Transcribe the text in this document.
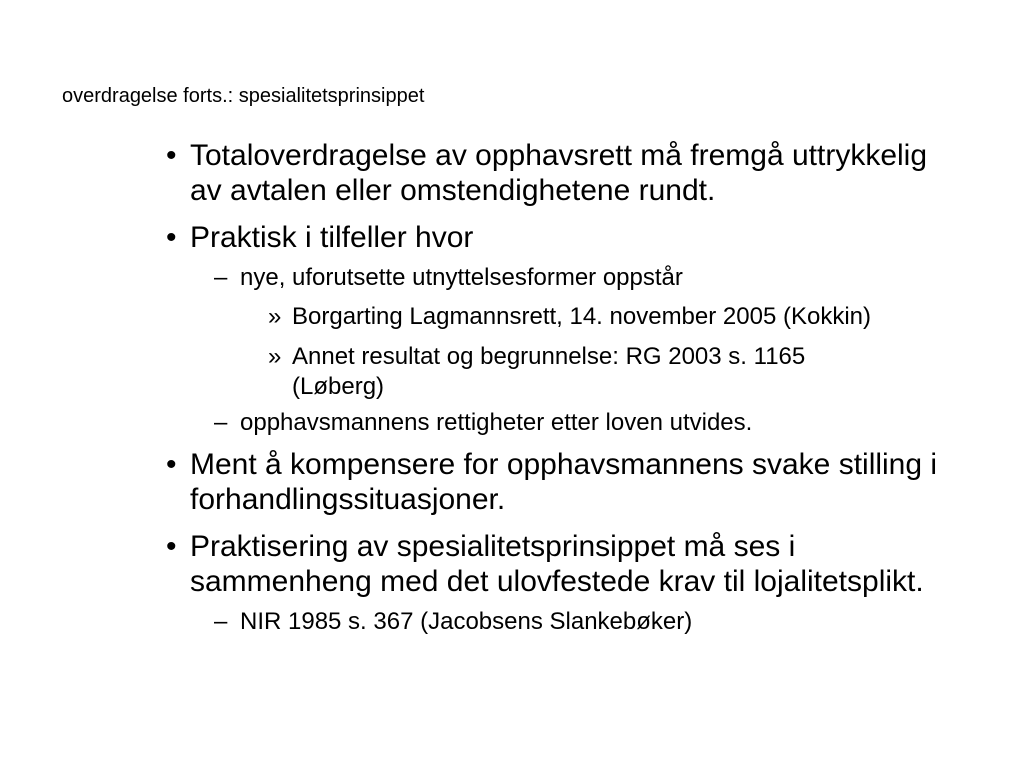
overdragelse forts.: spesialitetsprinsippet
• Totaloverdragelse av opphavsrett må fremgå uttrykkelig av avtalen eller omstendighetene rundt.
• Praktisk i tilfeller hvor
– nye, uforutsette utnyttelsesformer oppstår
» Borgarting Lagmannsrett, 14. november 2005 (Kokkin)
» Annet resultat og begrunnelse: RG 2003 s. 1165 (Løberg)
– opphavsmannens rettigheter etter loven utvides.
• Ment å kompensere for opphavsmannens svake stilling i forhandlingssituasjoner.
• Praktisering av spesialitetsprinsippet må ses i sammenheng med det ulovfestede krav til lojalitetsplikt.
– NIR 1985 s. 367 (Jacobsens Slankebøker)
